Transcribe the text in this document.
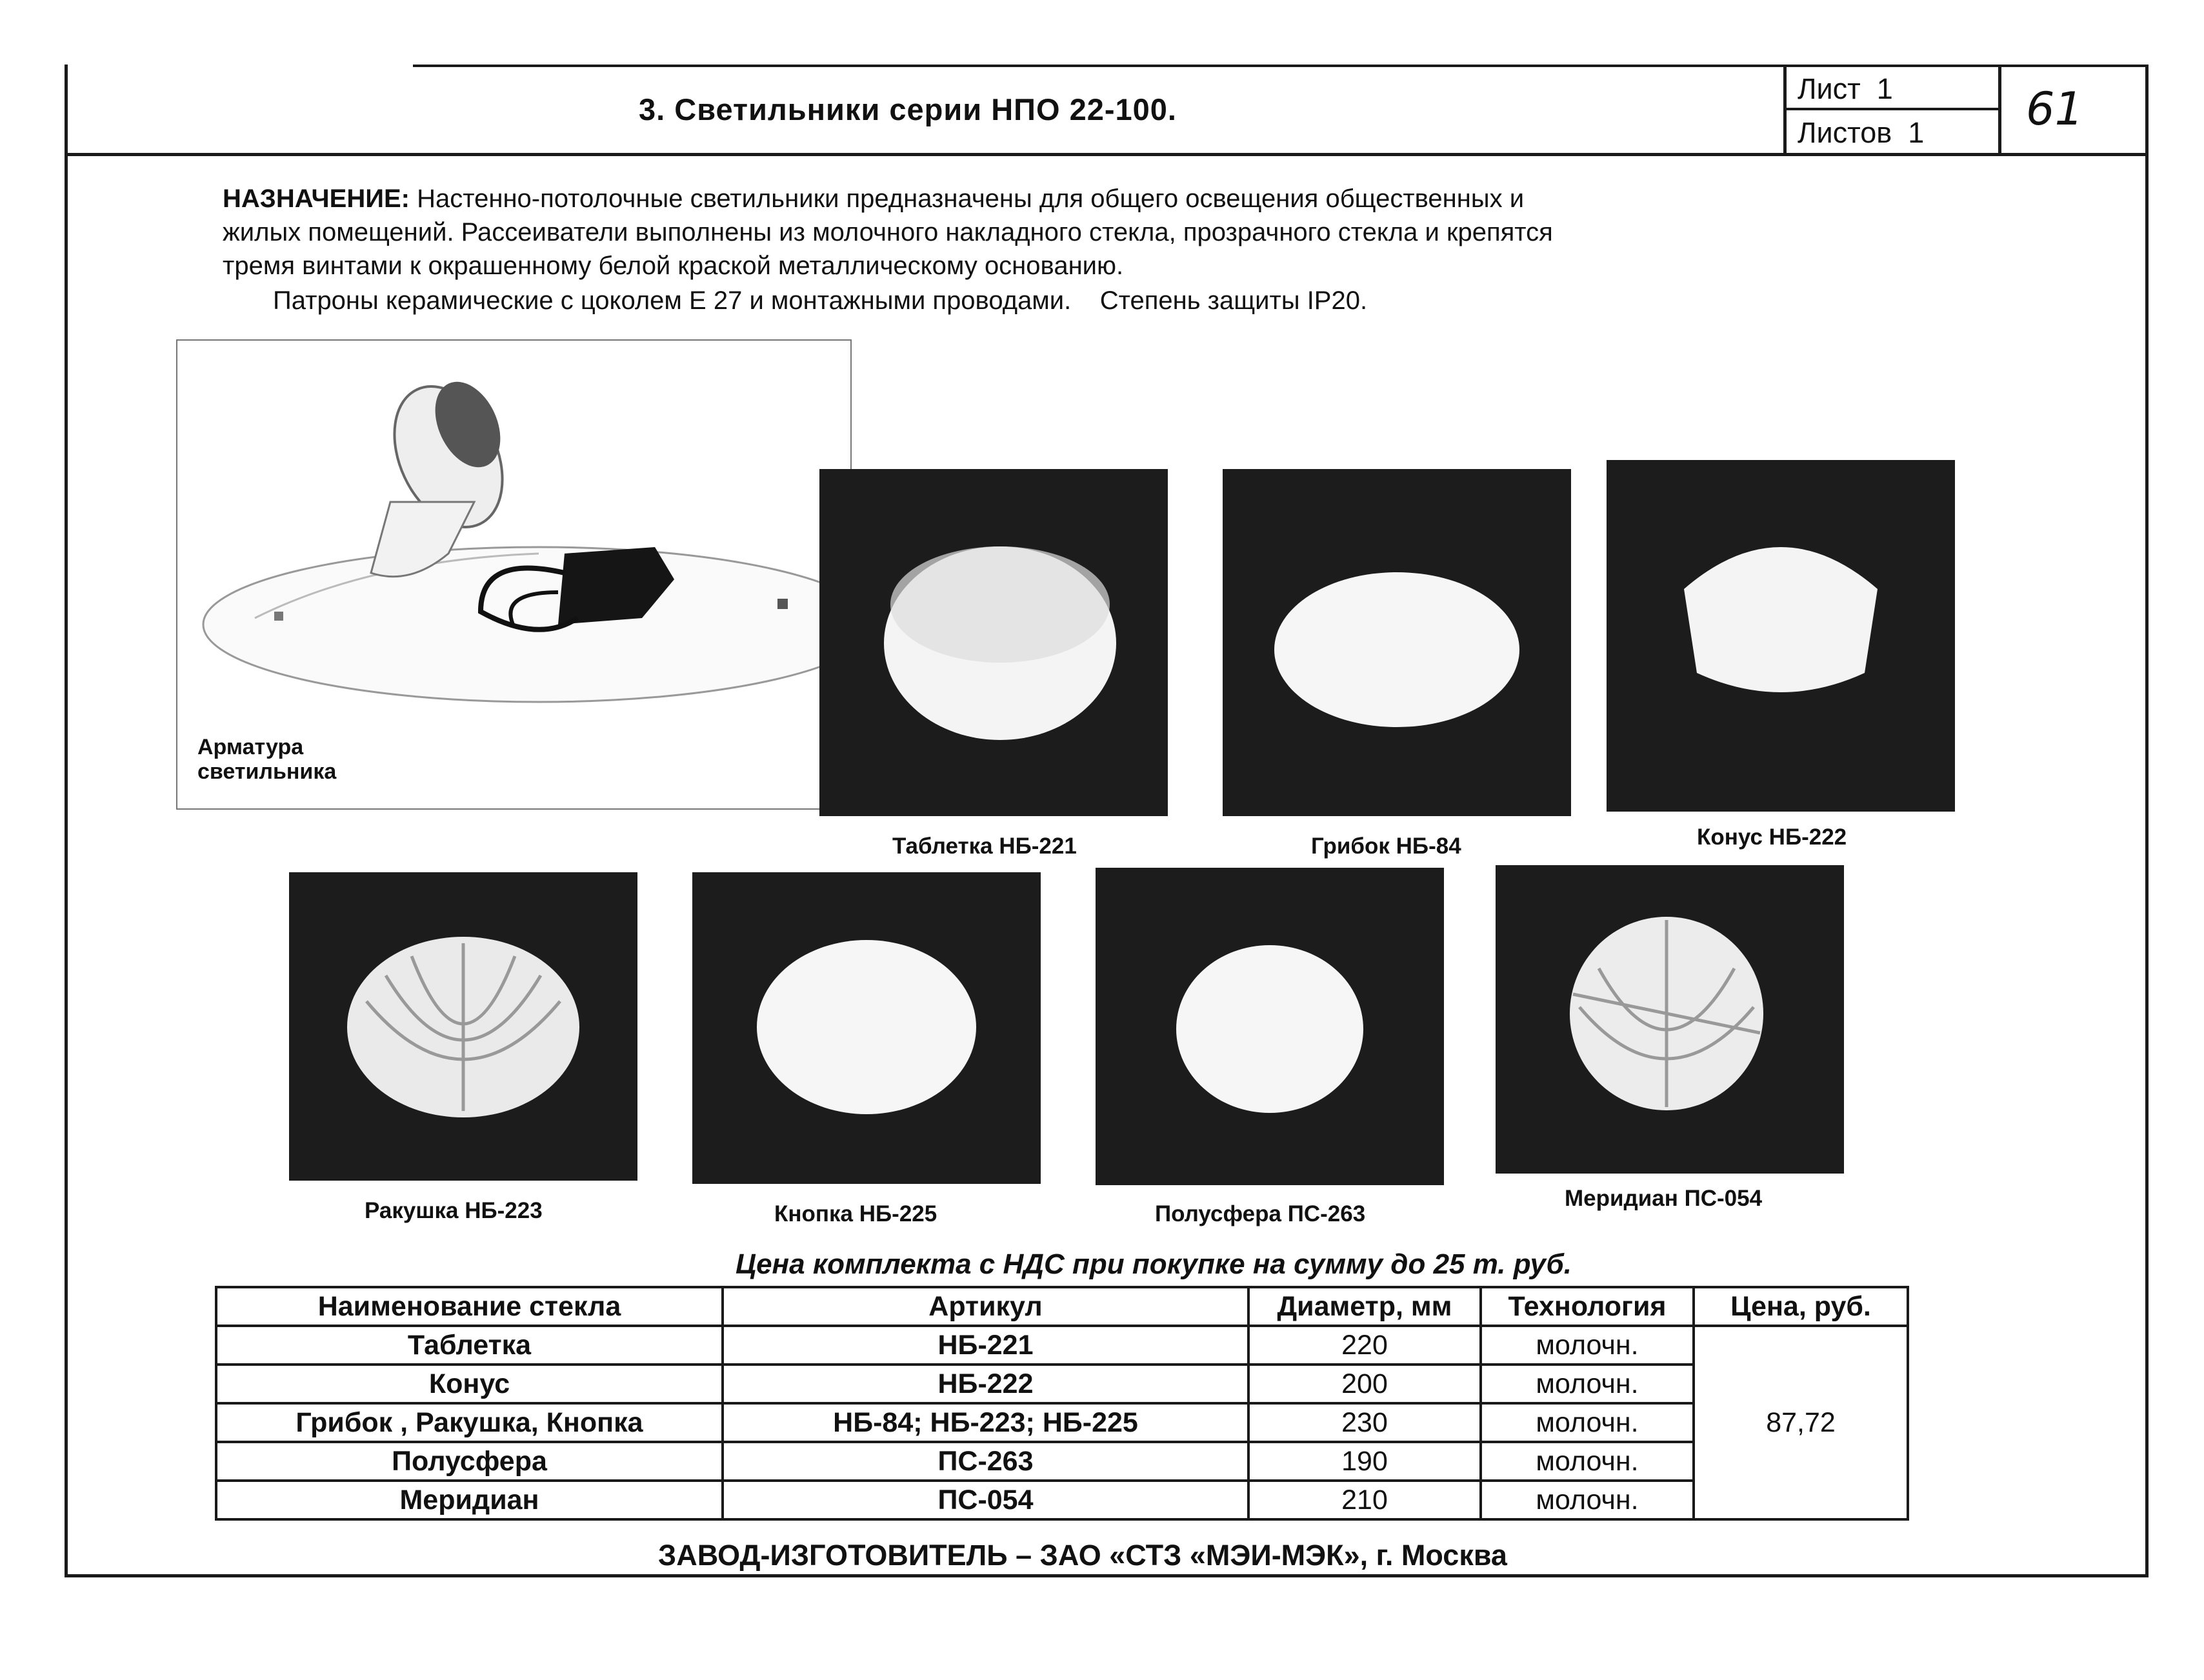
3. Светильники серии НПО 22-100.
Лист 1
Листов 1 61
НАЗНАЧЕНИЕ: Настенно-потолочные светильники предназначены для общего освещения общественных и
жилых помещений. Рассеиватели выполнены из молочного накладного стекла, прозрачного стекла и крепятся
тремя винтами к окрашенному белой краской металлическому основанию.
Патроны керамические с цоколем Е 27 и монтажными проводами. Степень защиты IP20.
Арматура
светильника
Таблетка НБ-221	Грибок НБ-84	Конус НБ-222
Ракушка НБ-223	Кнопка НБ-225	Полусфера ПС-263
Меридиан ПС-054
Цена комплекта с НДС при покупке на сумму до 25 т. руб.
Наименование стекла	Артикул	Диаметр, мм	Технология	Цена, руб.
Таблетка	НБ-221	220	молочн.	87,72
Конус	НБ-222	200	молочн.	
Грибок , Ракушка, Кнопка	НБ-84; НБ-223; НБ-225	230	молочн.	
Полусфера	ПС-263	190	молочн.	
Меридиан	ПС-054	210	молочн.	
ЗАВОД-ИЗГОТОВИТЕЛЬ – ЗАО «СТЗ «МЭИ-МЭК», г. Москва
